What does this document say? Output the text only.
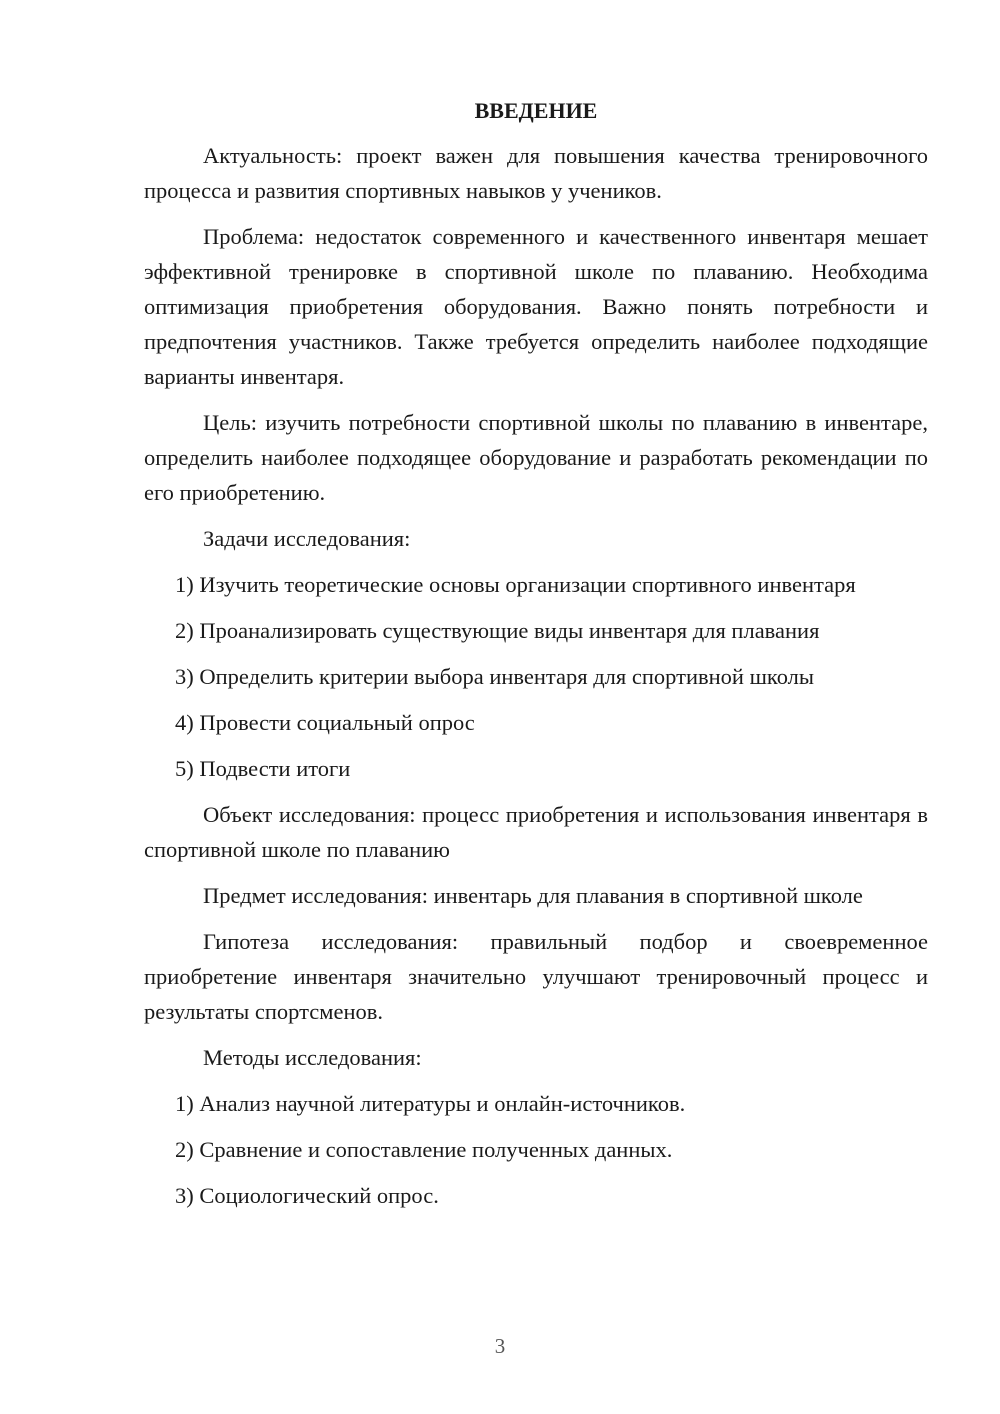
ВВЕДЕНИЕ

Актуальность: проект важен для повышения качества тренировочного процесса и развития спортивных навыков у учеников.

Проблема: недостаток современного и качественного инвентаря мешает эффективной тренировке в спортивной школе по плаванию. Необходима оптимизация приобретения оборудования. Важно понять потребности и предпочтения участников. Также требуется определить наиболее подходящие варианты инвентаря.

Цель: изучить потребности спортивной школы по плаванию в инвентаре, определить наиболее подходящее оборудование и разработать рекомендации по его приобретению.

Задачи исследования:

1) Изучить теоретические основы организации спортивного инвентаря
2) Проанализировать существующие виды инвентаря для плавания
3) Определить критерии выбора инвентаря для спортивной школы
4) Провести социальный опрос
5) Подвести итоги

Объект исследования: процесс приобретения и использования инвентаря в спортивной школе по плаванию

Предмет исследования: инвентарь для плавания в спортивной школе

Гипотеза исследования: правильный подбор и своевременное приобретение инвентаря значительно улучшают тренировочный процесс и результаты спортсменов.

Методы исследования:

1) Анализ научной литературы и онлайн-источников.
2) Сравнение и сопоставление полученных данных.
3) Социологический опрос.
3
